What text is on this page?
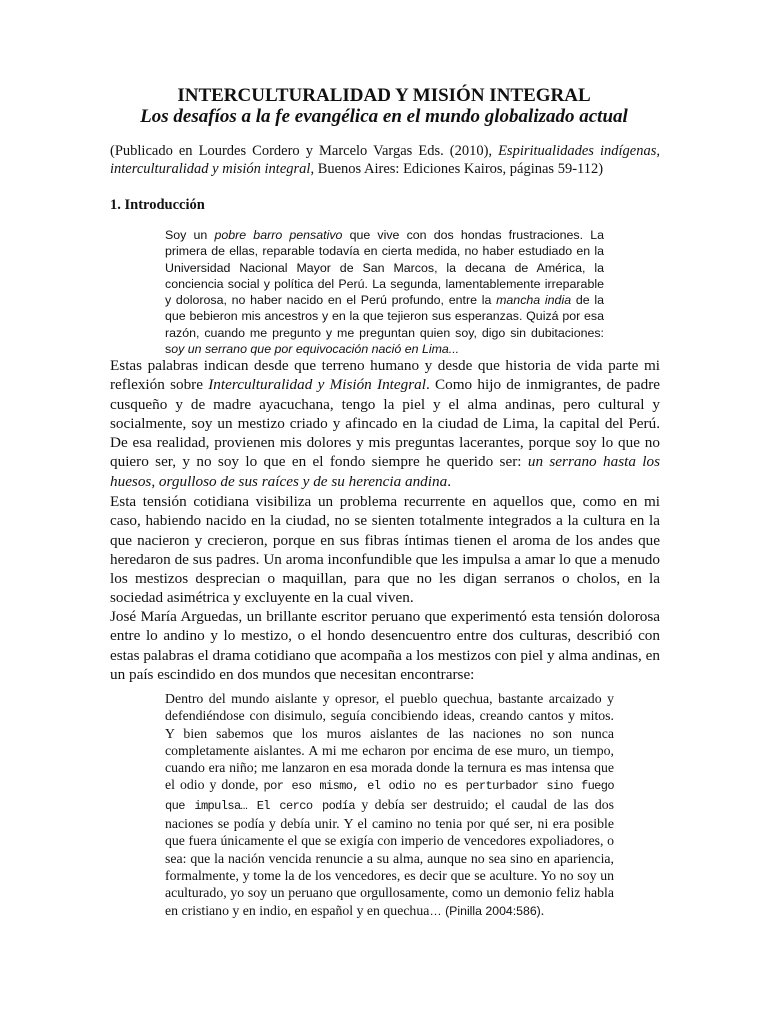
INTERCULTURALIDAD Y MISIÓN INTEGRAL
Los desafíos a la fe evangélica en el mundo globalizado actual
(Publicado en Lourdes Cordero y Marcelo Vargas Eds. (2010), Espiritualidades indígenas, interculturalidad y misión integral, Buenos Aires: Ediciones Kairos, páginas 59-112)
1. Introducción
Soy un pobre barro pensativo que vive con dos hondas frustraciones. La primera de ellas, reparable todavía en cierta medida, no haber estudiado en la Universidad Nacional Mayor de San Marcos, la decana de América, la conciencia social y política del Perú. La segunda, lamentablemente irreparable y dolorosa, no haber nacido en el Perú profundo, entre la mancha india de la que bebieron mis ancestros y en la que tejieron sus esperanzas. Quizá por esa razón, cuando me pregunto y me preguntan quien soy, digo sin dubitaciones: soy un serrano que por equivocación nació en Lima...
Estas palabras indican desde que terreno humano y desde que historia de vida parte mi reflexión sobre Interculturalidad y Misión Integral. Como hijo de inmigrantes, de padre cusqueño y de madre ayacuchana, tengo la piel y el alma andinas, pero cultural y socialmente, soy un mestizo criado y afincado en la ciudad de Lima, la capital del Perú. De esa realidad, provienen mis dolores y mis preguntas lacerantes, porque soy lo que no quiero ser, y no soy lo que en el fondo siempre he querido ser: un serrano hasta los huesos, orgulloso de sus raíces y de su herencia andina.
Esta tensión cotidiana visibiliza un problema recurrente en aquellos que, como en mi caso, habiendo nacido en la ciudad, no se sienten totalmente integrados a la cultura en la que nacieron y crecieron, porque en sus fibras íntimas tienen el aroma de los andes que heredaron de sus padres. Un aroma inconfundible que les impulsa a amar lo que a menudo los mestizos desprecian o maquillan, para que no les digan serranos o cholos, en la sociedad asimétrica y excluyente en la cual viven.
José María Arguedas, un brillante escritor peruano que experimentó esta tensión dolorosa entre lo andino y lo mestizo, o el hondo desencuentro entre dos culturas, describió con estas palabras el drama cotidiano que acompaña a los mestizos con piel y alma andinas, en un país escindido en dos mundos que necesitan encontrarse:
Dentro del mundo aislante y opresor, el pueblo quechua, bastante arcaizado y defendiéndose con disimulo, seguía concibiendo ideas, creando cantos y mitos. Y bien sabemos que los muros aislantes de las naciones no son nunca completamente aislantes. A mi me echaron por encima de ese muro, un tiempo, cuando era niño; me lanzaron en esa morada donde la ternura es mas intensa que el odio y donde, por eso mismo, el odio no es perturbador sino fuego que impulsa… El cerco podía y debía ser destruido; el caudal de las dos naciones se podía y debía unir. Y el camino no tenia por qué ser, ni era posible que fuera únicamente el que se exigía con imperio de vencedores expoliadores, o sea: que la nación vencida renuncie a su alma, aunque no sea sino en apariencia, formalmente, y tome la de los vencedores, es decir que se aculture. Yo no soy un aculturado, yo soy un peruano que orgullosamente, como un demonio feliz habla en cristiano y en indio, en español y en quechua… (Pinilla 2004:586).
